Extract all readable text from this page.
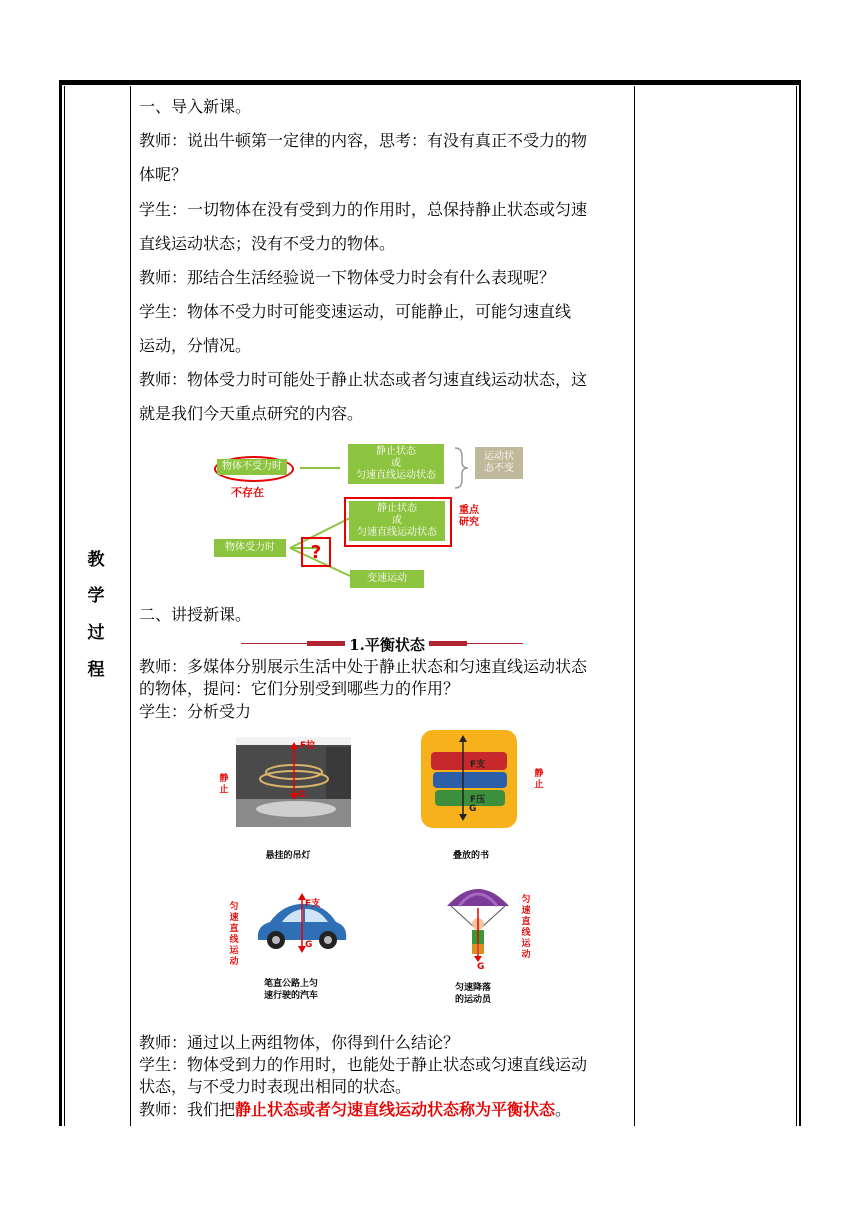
教
学
过
程
一、导入新课。
教师：说出牛顿第一定律的内容，思考：有没有真正不受力的物
体呢？
学生：一切物体在没有受到力的作用时，总保持静止状态或匀速
直线运动状态；没有不受力的物体。
教师：那结合生活经验说一下物体受力时会有什么表现呢？
学生：物体不受力时可能变速运动，可能静止，可能匀速直线
运动，分情况。
教师：物体受力时可能处于静止状态或者匀速直线运动状态，这
就是我们今天重点研究的内容。
物体不受力时
不存在
静止状态
或
匀速直线运动状态
运动状
态不变
静止状态
或
匀速直线运动状态
重点
研究
物体受力时	?
变速运动
二、讲授新课。
1.平衡状态
教师：多媒体分别展示生活中处于静止状态和匀速直线运动状态
的物体，提问：它们分别受到哪些力的作用？
学生：分析受力
静止
F拉
G
悬挂的吊灯
F支
F压
G
静止
叠放的书
匀速直线运动
F支
G
笔直公路上匀
速行驶的汽车
G
匀速直线运动
匀速降落
的运动员
教师：通过以上两组物体，你得到什么结论？
学生：物体受到力的作用时，也能处于静止状态或匀速直线运动
状态，与不受力时表现出相同的状态。
教师：我们把静止状态或者匀速直线运动状态称为平衡状态。
